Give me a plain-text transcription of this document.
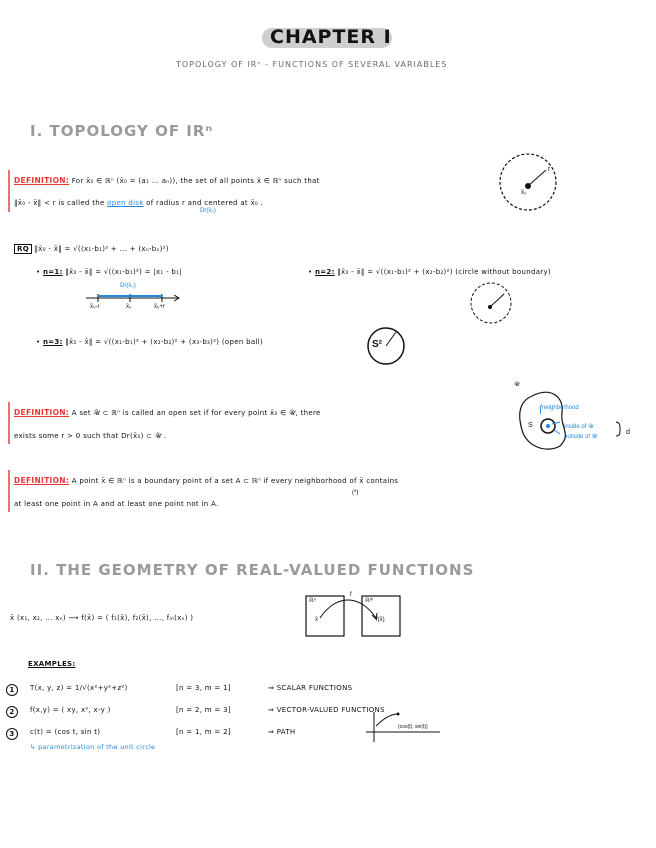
CHAPTER I
TOPOLOGY OF IRⁿ - FUNCTIONS OF SEVERAL VARIABLES
I. TOPOLOGY OF IRⁿ
DEFINITION: For x̄₀ ∈ ℝⁿ (x̄₀ = (a₁ ... aₙ)), the set of all points x̄ ∈ ℝⁿ such that
‖x̄₀ - x̄‖ < r is called the open disk of radius r and centered at x̄₀ .
Dr(x̄₀)
r
x̄₀
RQ ‖x̄₀ - x̄‖ = √((x₁-b₁)² + ... + (xₙ-bₙ)²)
• n=1: ‖x̄₀ - x̄‖ = √((x₁-b₁)²) = |x₁ - b₁|
Dr(x̄₀)
x̄₀-r	x̄₀	x̄₀+r
• n=2: ‖x̄₀ - x̄‖ = √((x₁-b₁)² + (x₂-b₂)²) (circle without boundary)
• n=3: ‖x̄₀ - x̄‖ = √((x₁-b₁)² + (x₂-b₂)² + (x₃-b₃)²) (open ball)	S²
DEFINITION: A set 𝒰 ⊂ ℝⁿ is called an open set if for every point x̄₀ ∈ 𝒰, there
exists some r > 0 such that Dr(x̄₀) ⊂ 𝒰 .
𝒰
neighborhood
inside of 𝒰
outside of 𝒰
S
d
DEFINITION: A point x̄ ∈ ℝⁿ is a boundary point of a set A ⊂ ℝⁿ if every neighborhood of x̄ contains
at least one point in A and at least one point not in A.
(*)
II. THE GEOMETRY OF REAL-VALUED FUNCTIONS
x̄ (x₁, x₂, ... xₙ) ⟶ f(x̄) = ( f₁(x̄), f₂(x̄), ..., fₘ(xₙ) )
ℝⁿ	ℝᵐ
x̄	f(x̄)
f
EXAMPLES:
1 T(x, y, z) = 1/√(x²+y²+z²)	[n = 3, m = 1]	⇒ SCALAR FUNCTIONS
2 f(x,y) = ( xy, x², x-y )	[n = 2, m = 3]	⇒ VECTOR-VALUED FUNCTIONS
3 c(t) = (cos t, sin t)	[n = 1, m = 2]	⇒ PATH
↳ parametrization of the unit circle
(cos(t), sin(t))
